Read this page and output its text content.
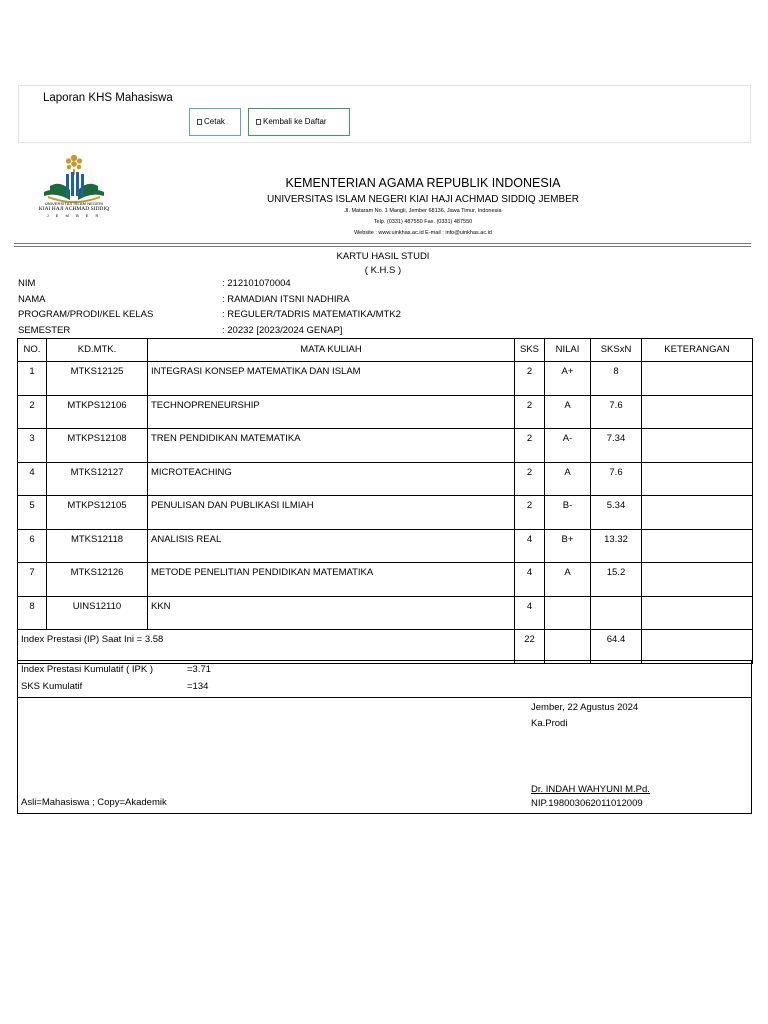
Laporan KHS Mahasiswa
Cetak	Kembali ke Daftar
UNIVERSITAS ISLAM NEGERI
KIAI HAJI ACHMAD SIDDIQ
J E M B E R
KEMENTERIAN AGAMA REPUBLIK INDONESIA
UNIVERSITAS ISLAM NEGERI KIAI HAJI ACHMAD SIDDIQ JEMBER
Jl. Mataram No. 1 Mangli, Jember 68136, Jawa Timur, Indonesia
Telp. (0331) 487550 Fax. (0331) 487550
Website : www.uinkhas.ac.id E-mail : info@uinkhas.ac.id
KARTU HASIL STUDI
( K.H.S )
NIM	: 212101070004
NAMA	: RAMADIAN ITSNI NADHIRA
PROGRAM/PRODI/KEL KELAS	: REGULER/TADRIS MATEMATIKA/MTK2
SEMESTER	: 20232 [2023/2024 GENAP]
NO.	KD.MTK.	MATA KULIAH	SKS	NILAI	SKSxN	KETERANGAN
1	MTKS12125	INTEGRASI KONSEP MATEMATIKA DAN ISLAM	2	A+	8	
2	MTKPS12106	TECHNOPRENEURSHIP	2	A	7.6	
3	MTKPS12108	TREN PENDIDIKAN MATEMATIKA	2	A-	7.34	
4	MTKS12127	MICROTEACHING	2	A	7.6	
5	MTKPS12105	PENULISAN DAN PUBLIKASI ILMIAH	2	B-	5.34	
6	MTKS12118	ANALISIS REAL	4	B+	13.32	
7	MTKS12126	METODE PENELITIAN PENDIDIKAN MATEMATIKA	4	A	15.2	
8	UINS12110	KKN	4			
Index Prestasi (IP) Saat Ini = 3.58			22		64.4	
Index Prestasi Kumulatif ( IPK )	=3.71
SKS Kumulatif	=134
Jember, 22 Agustus 2024
Ka.Prodi
Dr. INDAH WAHYUNI M.Pd.
NIP.198003062011012009
Asli=Mahasiswa ; Copy=Akademik
